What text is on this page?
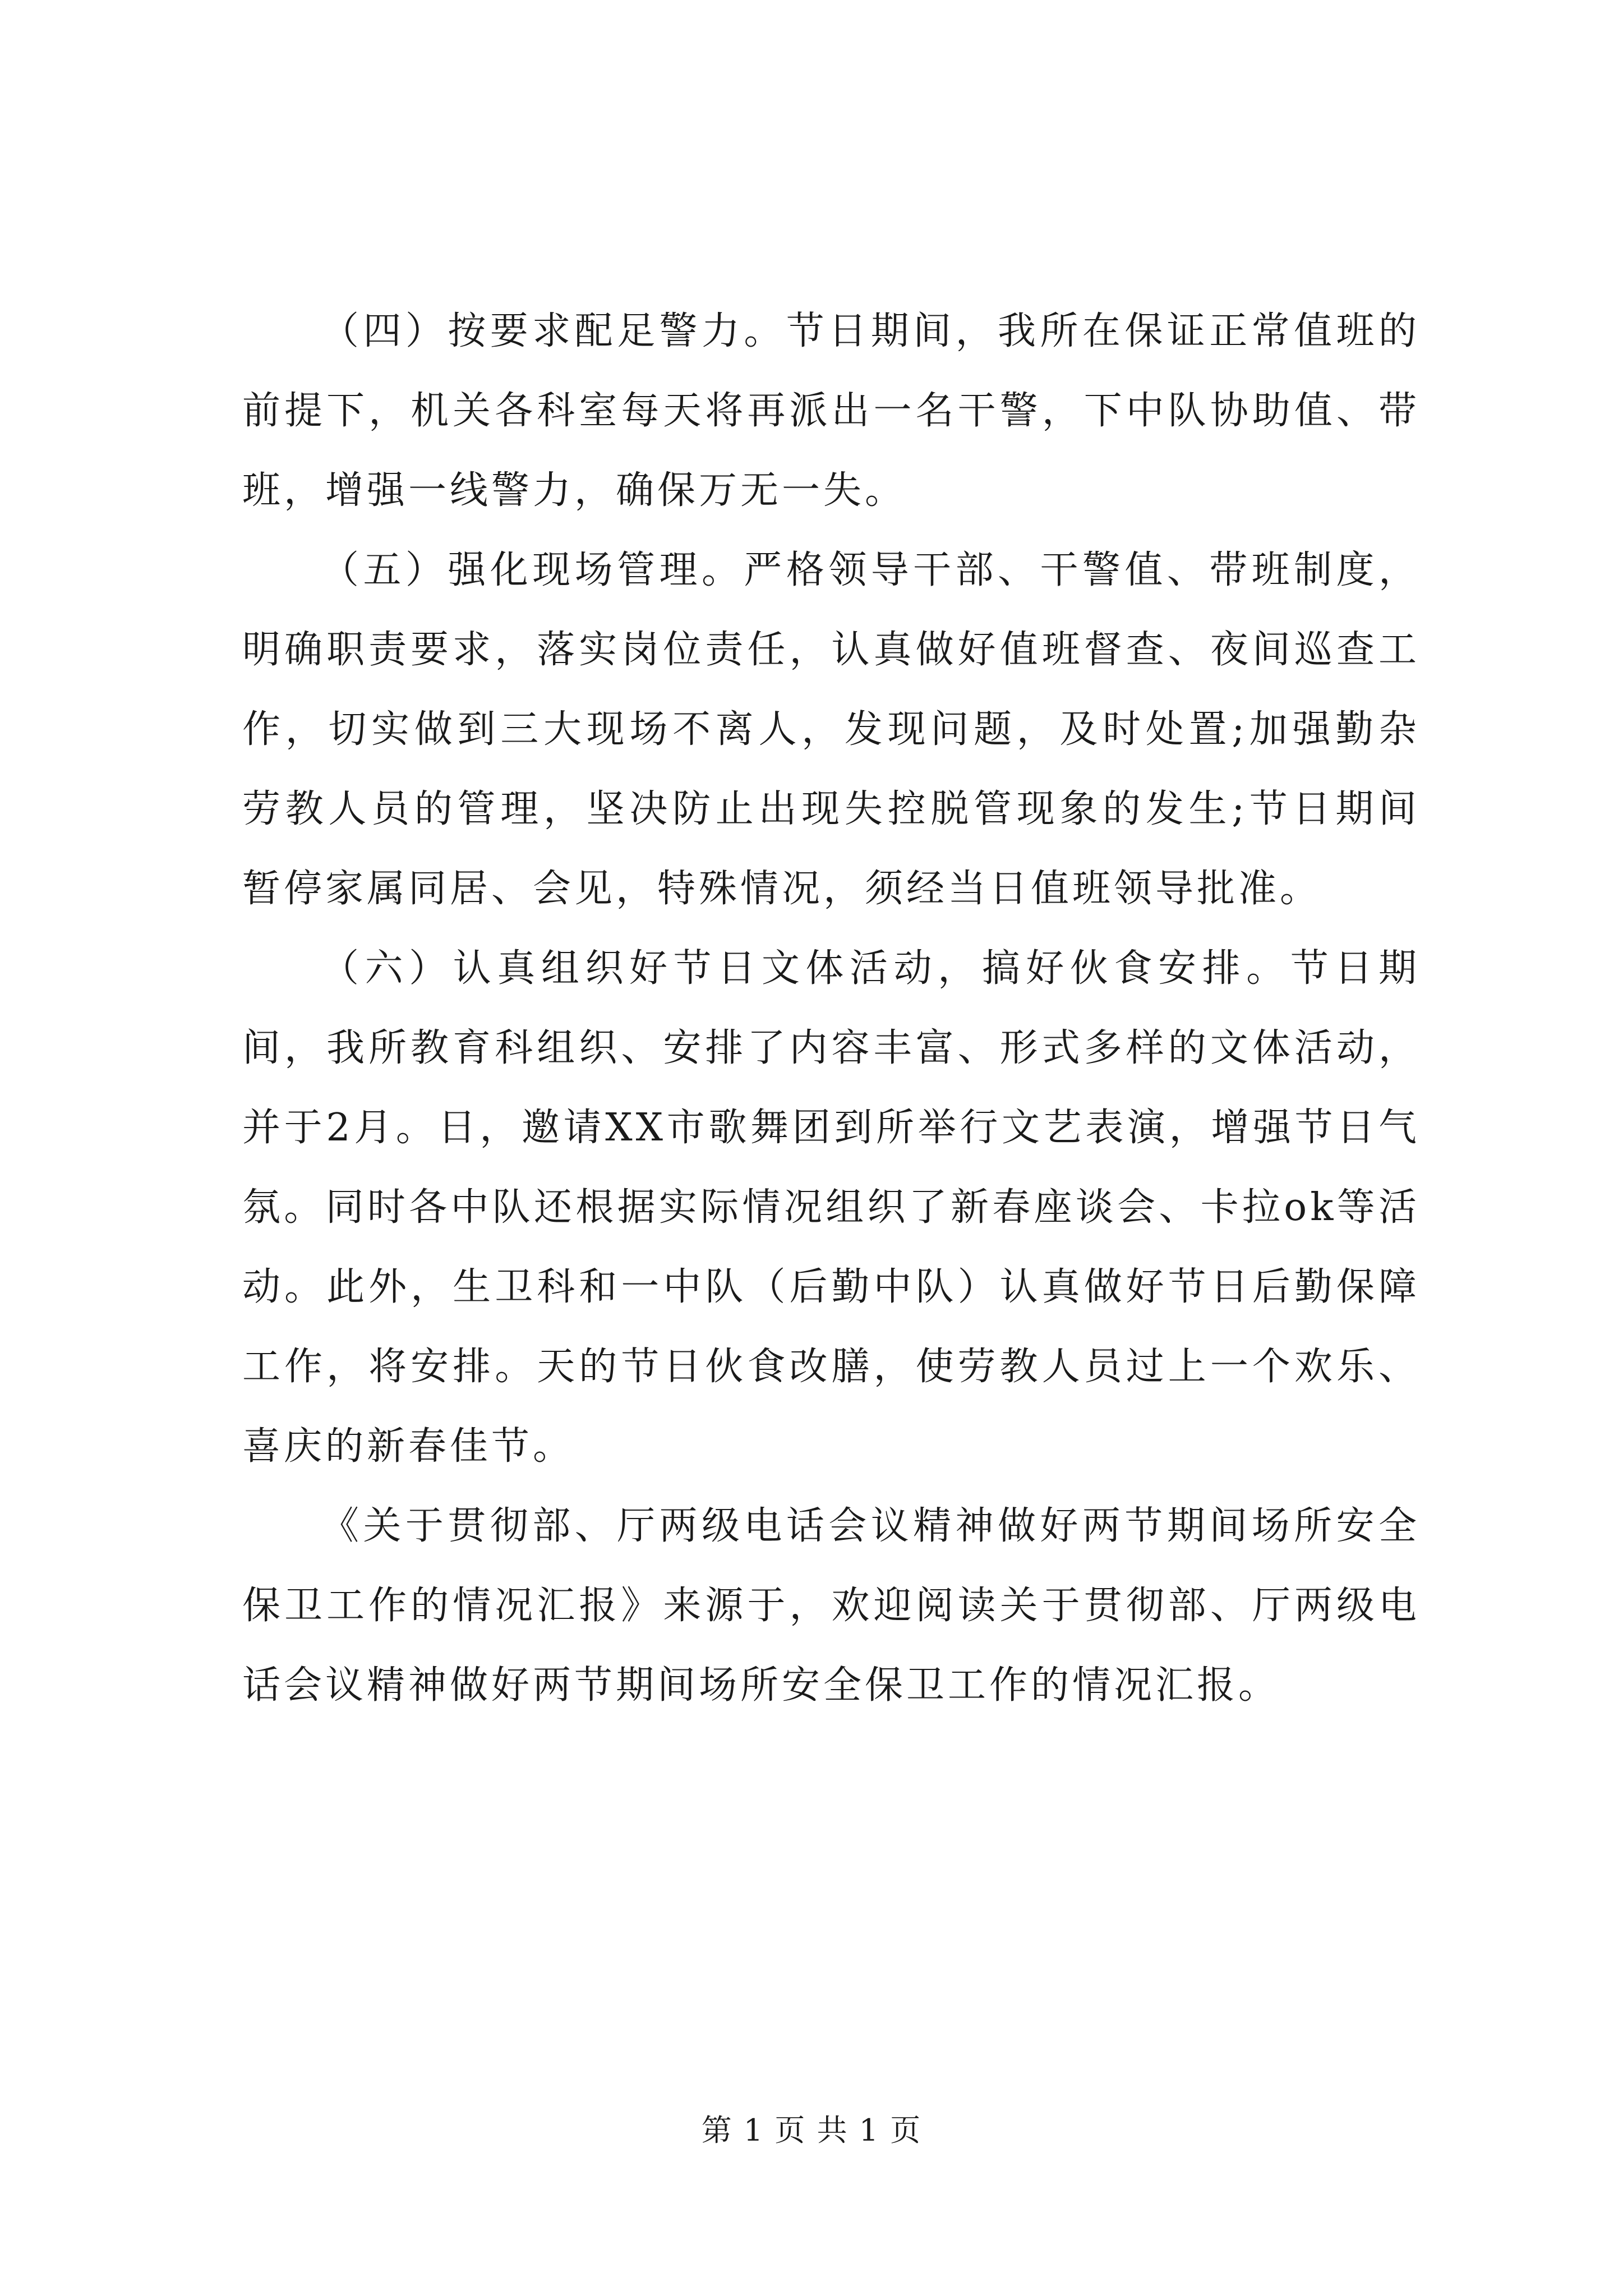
（四）按要求配足警力。节日期间，我所在保证正常值班的前提下，机关各科室每天将再派出一名干警，下中队协助值、带班，增强一线警力，确保万无一失。

（五）强化现场管理。严格领导干部、干警值、带班制度，明确职责要求，落实岗位责任，认真做好值班督查、夜间巡查工作，切实做到三大现场不离人，发现问题，及时处置;加强勤杂劳教人员的管理，坚决防止出现失控脱管现象的发生;节日期间暂停家属同居、会见，特殊情况，须经当日值班领导批准。

（六）认真组织好节日文体活动，搞好伙食安排。节日期间，我所教育科组织、安排了内容丰富、形式多样的文体活动，并于2月。日，邀请XX市歌舞团到所举行文艺表演，增强节日气氛。同时各中队还根据实际情况组织了新春座谈会、卡拉ok等活动。此外，生卫科和一中队（后勤中队）认真做好节日后勤保障工作，将安排。天的节日伙食改膳，使劳教人员过上一个欢乐、喜庆的新春佳节。

《关于贯彻部、厅两级电话会议精神做好两节期间场所安全保卫工作的情况汇报》来源于，欢迎阅读关于贯彻部、厅两级电话会议精神做好两节期间场所安全保卫工作的情况汇报。

第 1 页 共 1 页
